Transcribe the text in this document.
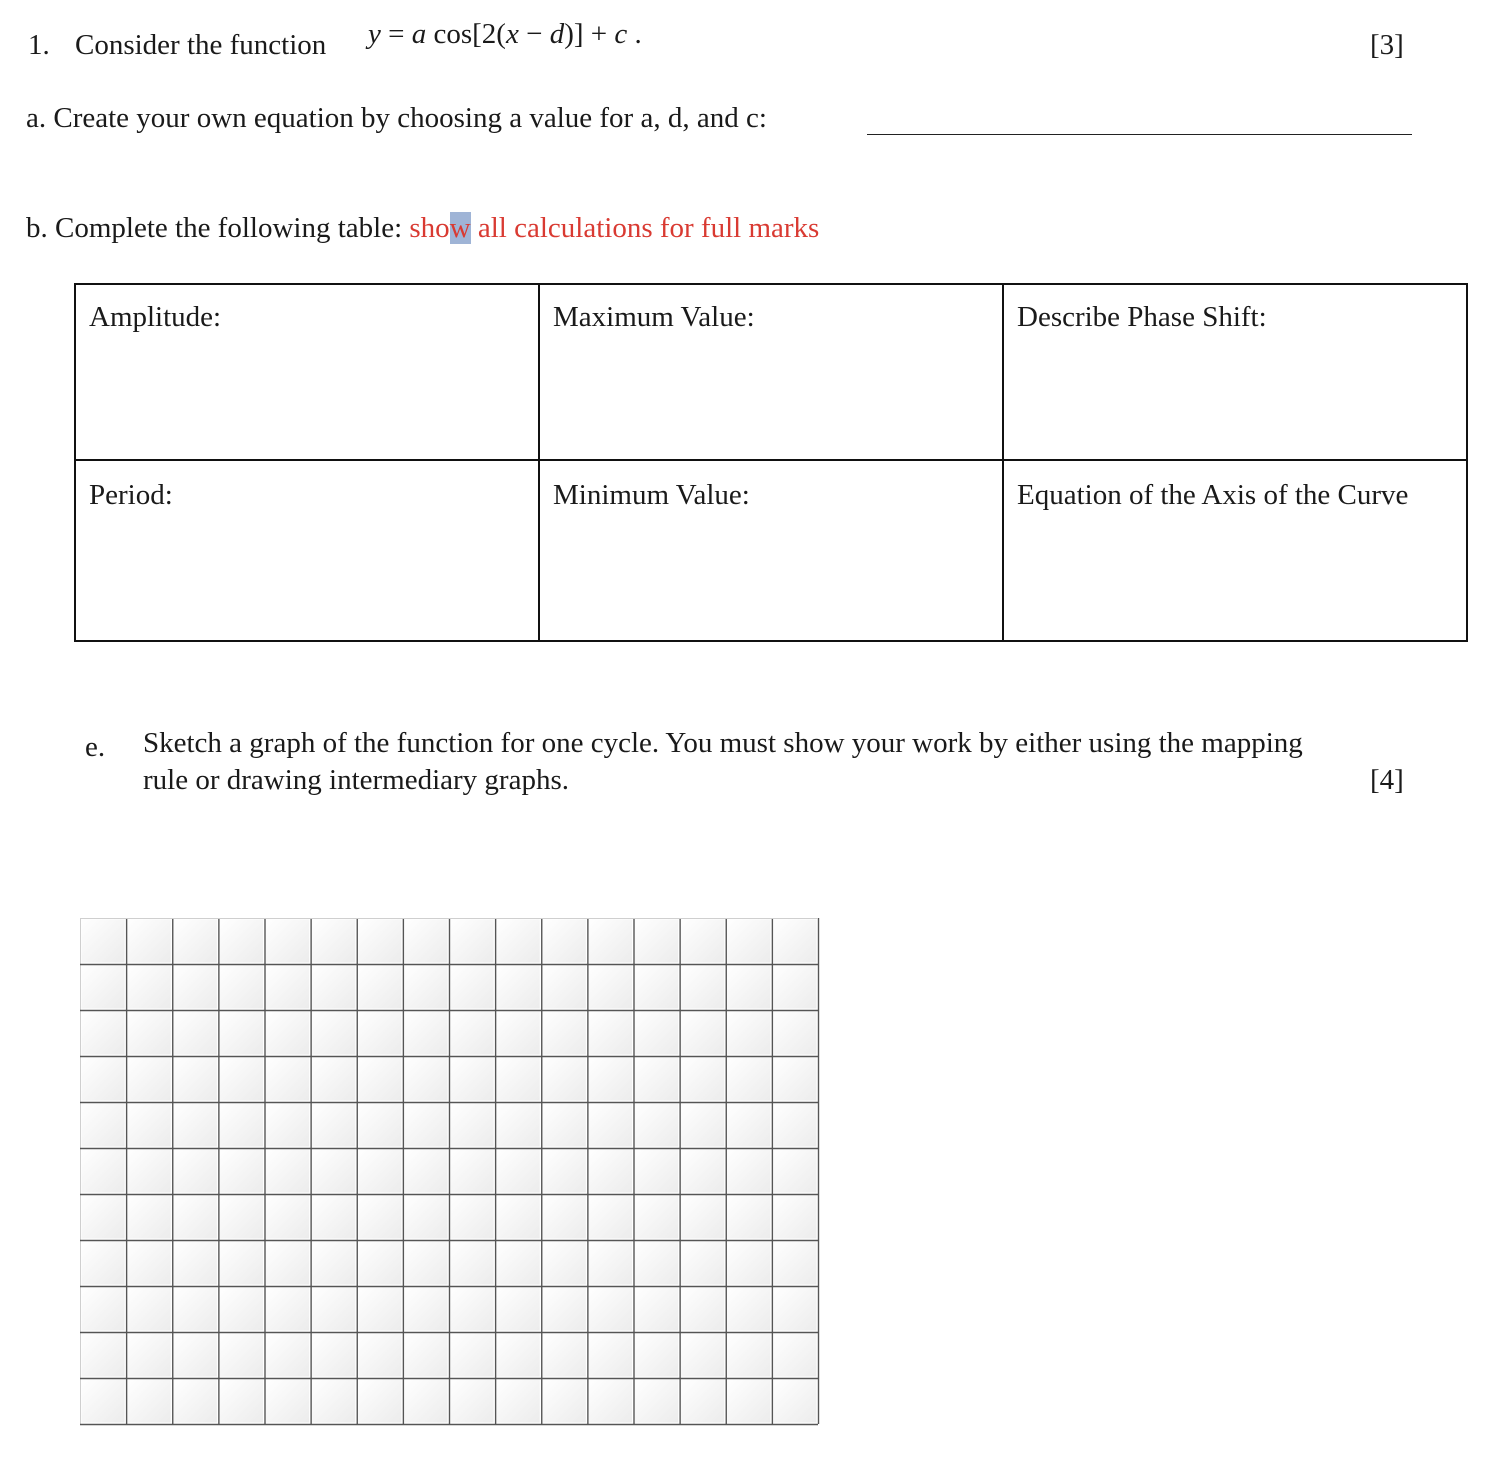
1. Consider the function y = a cos[2(x − d)] + c .	[3]
a. Create your own equation by choosing a value for a, d, and c:
b. Complete the following table: show all calculations for full marks
Amplitude:	Maximum Value:	Describe Phase Shift:
Period:	Minimum Value:	Equation of the Axis of the Curve
e. Sketch a graph of the function for one cycle. You must show your work by either using the mapping
rule or drawing intermediary graphs.	[4]
